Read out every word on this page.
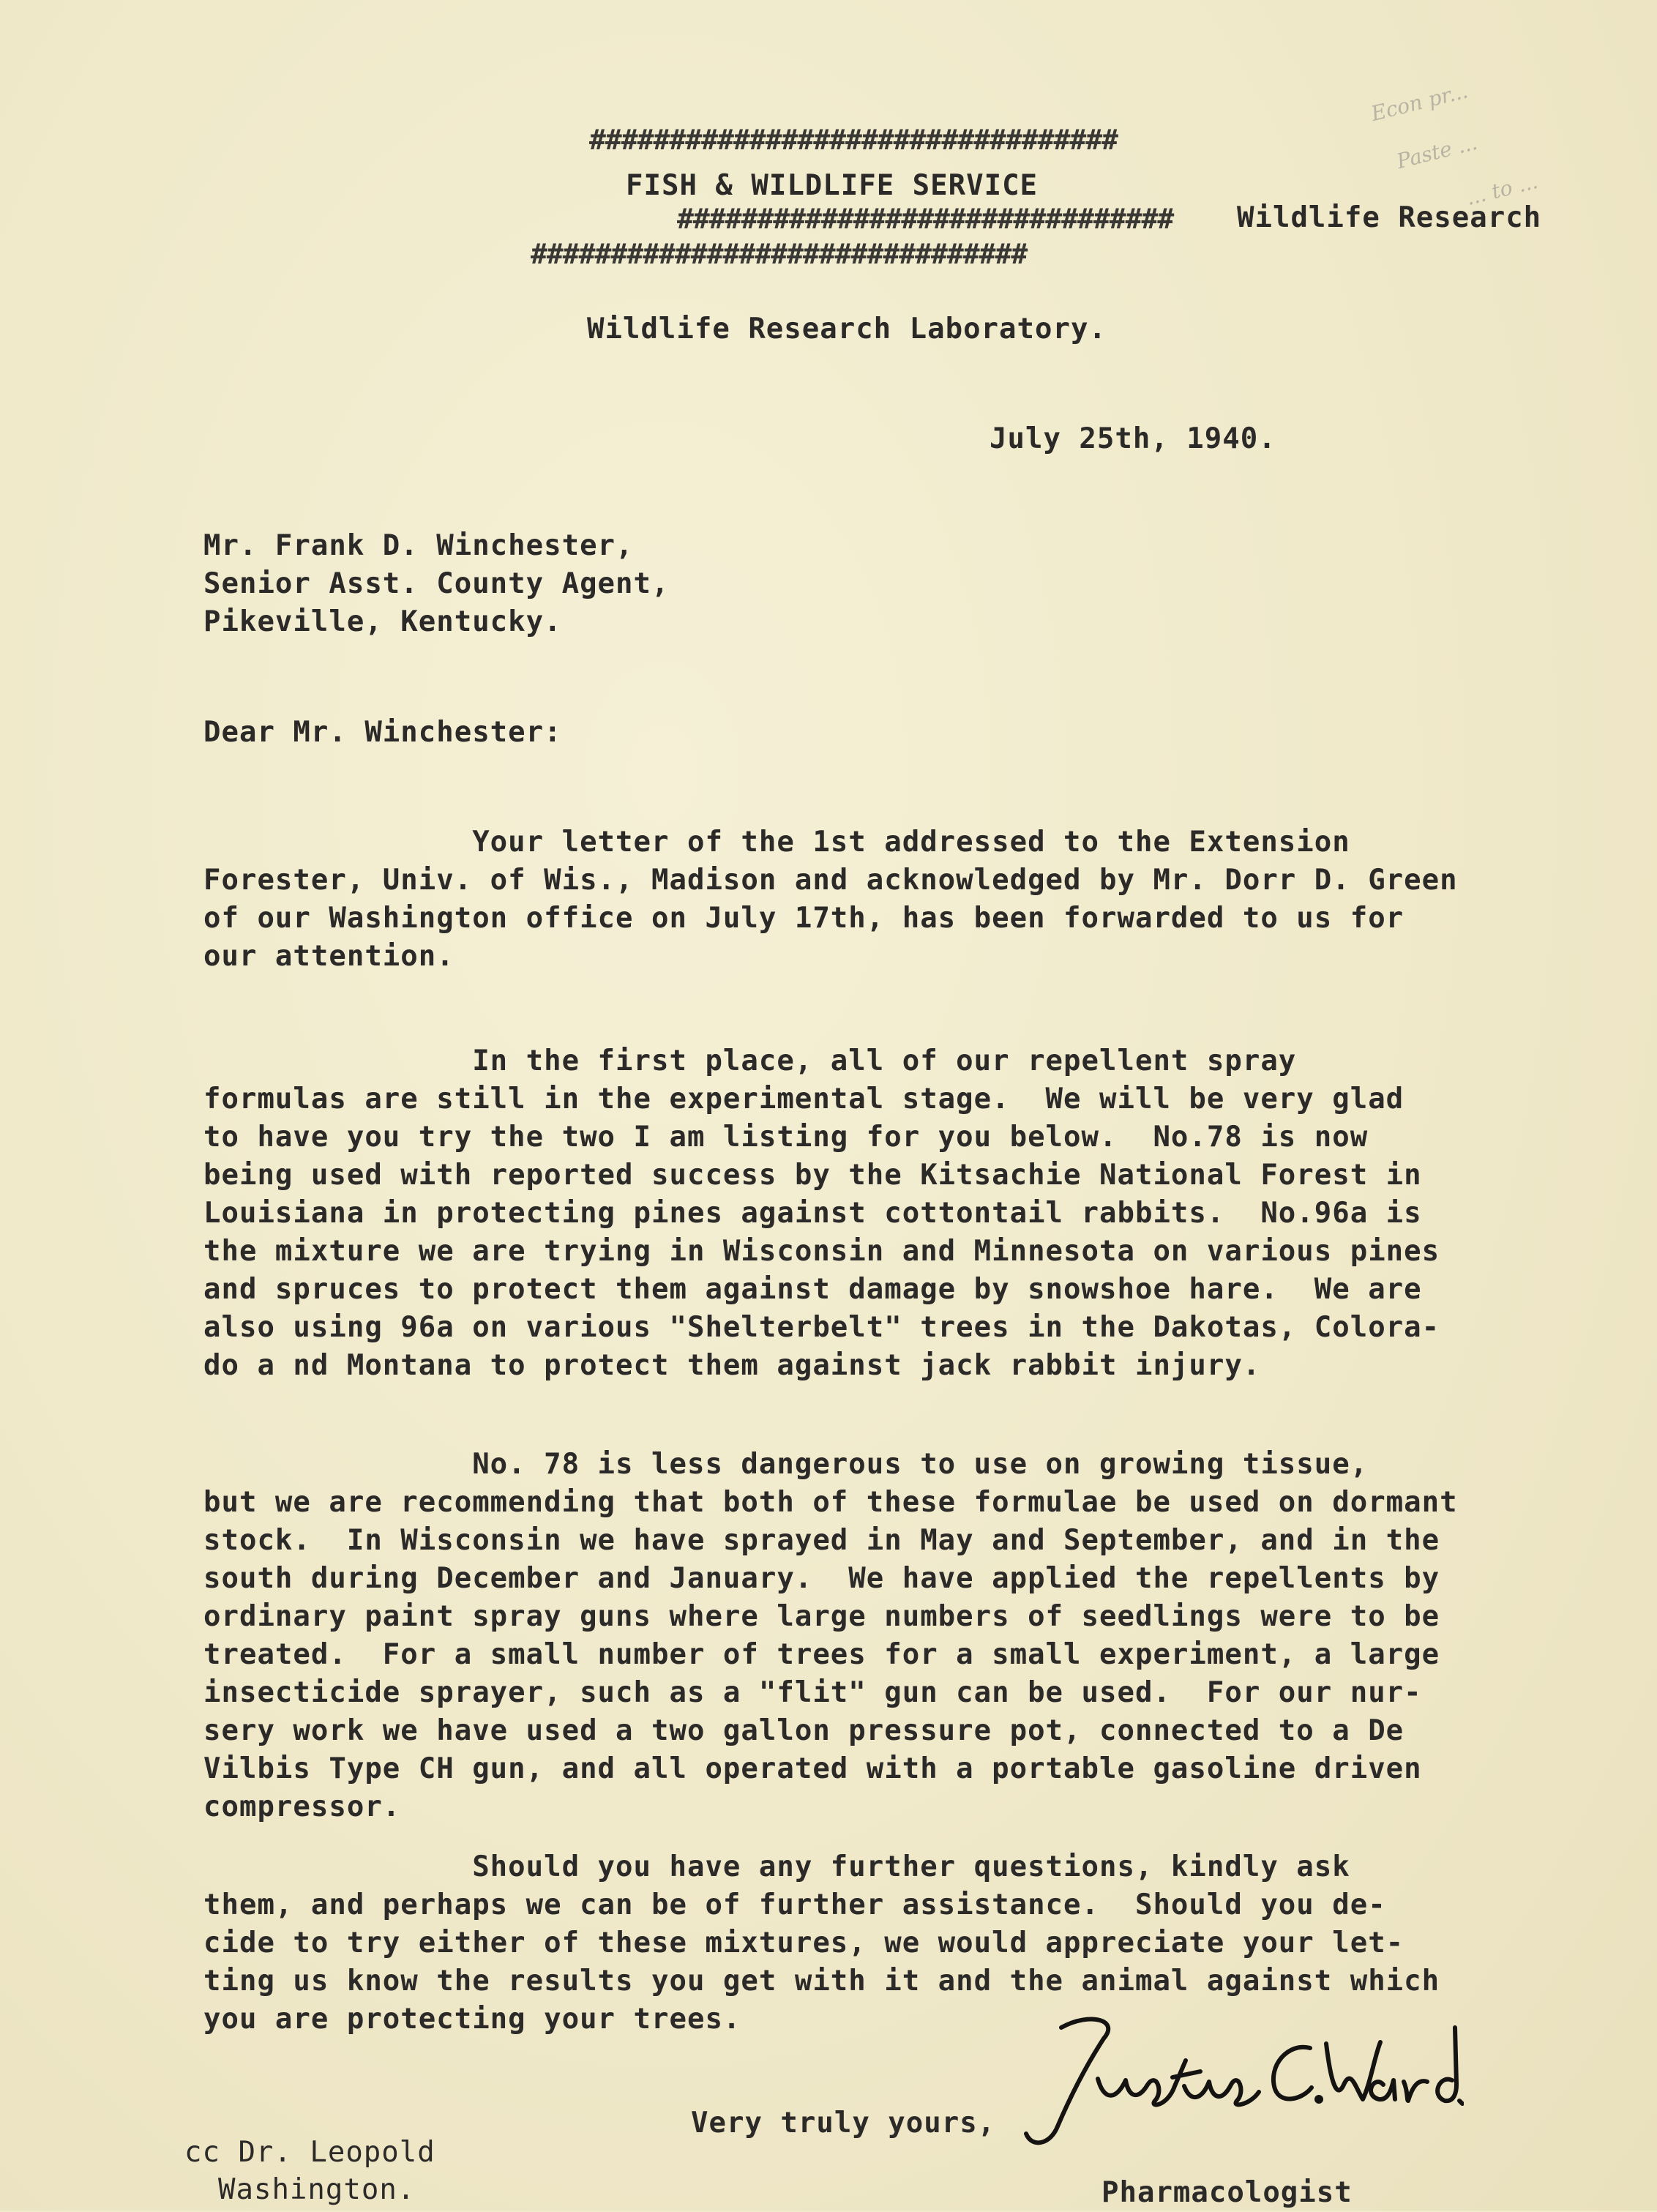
Econ pr...
Paste ...
... to ...
#################################
FISH & WILDLIFE SERVICE
############################### Wildlife Research
###############################
Wildlife Research Laboratory.
July 25th, 1940.
Mr. Frank D. Winchester,
Senior Asst. County Agent,
Pikeville, Kentucky.
Dear Mr. Winchester:
Your letter of the 1st addressed to the Extension
Forester, Univ. of Wis., Madison and acknowledged by Mr. Dorr D. Green
of our Washington office on July 17th, has been forwarded to us for
our attention.
In the first place, all of our repellent spray
formulas are still in the experimental stage.  We will be very glad
to have you try the two I am listing for you below.  No.78 is now
being used with reported success by the Kitsachie National Forest in
Louisiana in protecting pines against cottontail rabbits.  No.96a is
the mixture we are trying in Wisconsin and Minnesota on various pines
and spruces to protect them against damage by snowshoe hare.  We are
also using 96a on various "Shelterbelt" trees in the Dakotas, Colora-
do a nd Montana to protect them against jack rabbit injury.
No. 78 is less dangerous to use on growing tissue,
but we are recommending that both of these formulae be used on dormant
stock.  In Wisconsin we have sprayed in May and September, and in the
south during December and January.  We have applied the repellents by
ordinary paint spray guns where large numbers of seedlings were to be
treated.  For a small number of trees for a small experiment, a large
insecticide sprayer, such as a "flit" gun can be used.  For our nur-
sery work we have used a two gallon pressure pot, connected to a De
Vilbis Type CH gun, and all operated with a portable gasoline driven
compressor.
Should you have any further questions, kindly ask
them, and perhaps we can be of further assistance.  Should you de-
cide to try either of these mixtures, we would appreciate your let-
ting us know the results you get with it and the animal against which
you are protecting your trees.
Very truly yours,
Pharmacologist
cc Dr. Leopold
Washington.
